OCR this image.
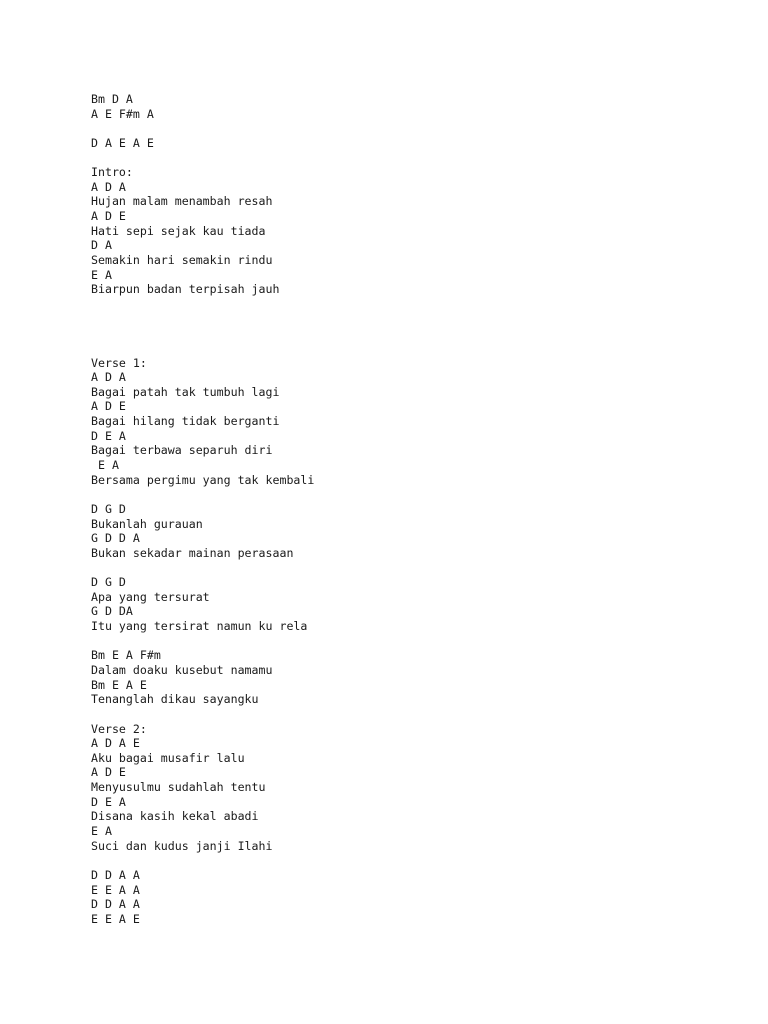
Bm D A
A E F#m A
D A E A E
Intro:
A D A
Hujan malam menambah resah
A D E
Hati sepi sejak kau tiada
D A
Semakin hari semakin rindu
E A
Biarpun badan terpisah jauh
Verse 1:
A D A
Bagai patah tak tumbuh lagi
A D E
Bagai hilang tidak berganti
D E A
Bagai terbawa separuh diri
E A
Bersama pergimu yang tak kembali
D G D
Bukanlah gurauan
G D D A
Bukan sekadar mainan perasaan
D G D
Apa yang tersurat
G D DA
Itu yang tersirat namun ku rela
Bm E A F#m
Dalam doaku kusebut namamu
Bm E A E
Tenanglah dikau sayangku
Verse 2:
A D A E
Aku bagai musafir lalu
A D E
Menyusulmu sudahlah tentu
D E A
Disana kasih kekal abadi
E A
Suci dan kudus janji Ilahi
D D A A
E E A A
D D A A
E E A E
